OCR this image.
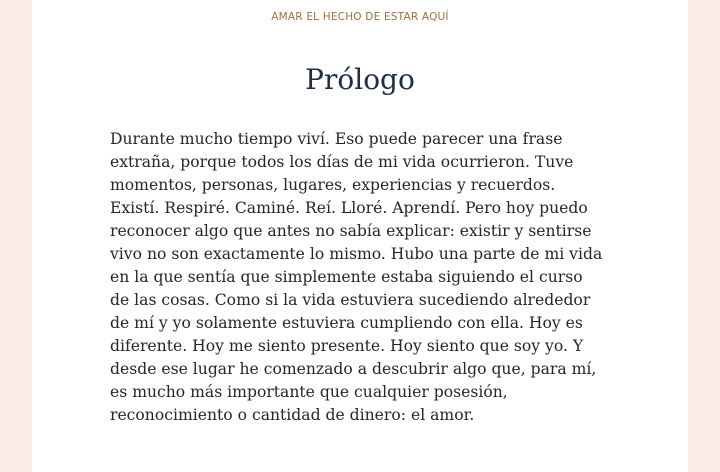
AMAR EL HECHO DE ESTAR AQUÍ
Prólogo
Durante mucho tiempo viví. Eso puede parecer una frase
extraña, porque todos los días de mi vida ocurrieron. Tuve
momentos, personas, lugares, experiencias y recuerdos.
Existí. Respiré. Caminé. Reí. Lloré. Aprendí. Pero hoy puedo
reconocer algo que antes no sabía explicar: existir y sentirse
vivo no son exactamente lo mismo. Hubo una parte de mi vida
en la que sentía que simplemente estaba siguiendo el curso
de las cosas. Como si la vida estuviera sucediendo alrededor
de mí y yo solamente estuviera cumpliendo con ella. Hoy es
diferente. Hoy me siento presente. Hoy siento que soy yo. Y
desde ese lugar he comenzado a descubrir algo que, para mí,
es mucho más importante que cualquier posesión,
reconocimiento o cantidad de dinero: el amor.
